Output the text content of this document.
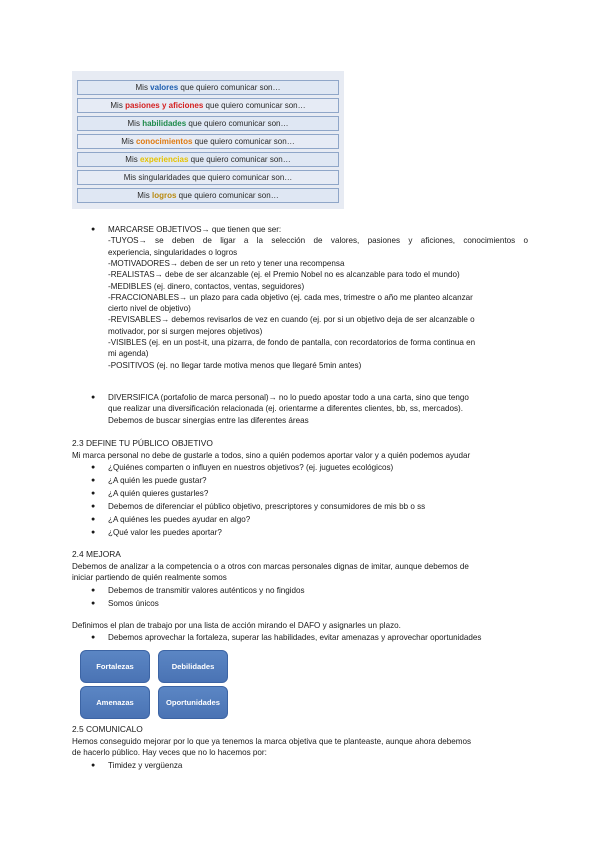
Mis valores que quiero comunicar son…
Mis pasiones y aficiones que quiero comunicar son…
Mis habilidades que quiero comunicar son…
Mis conocimientos que quiero comunicar son…
Mis experiencias que quiero comunicar son…
Mis singularidades que quiero comunicar son…
Mis logros que quiero comunicar son…
● MARCARSE OBJETIVOS→ que tienen que ser:
-TUYOS→ se deben de ligar a la selección de valores, pasiones y aficiones, conocimientos o
experiencia, singularidades o logros
-MOTIVADORES→ deben de ser un reto y tener una recompensa
-REALISTAS→ debe de ser alcanzable (ej. el Premio Nobel no es alcanzable para todo el mundo)
-MEDIBLES (ej. dinero, contactos, ventas, seguidores)
-FRACCIONABLES→ un plazo para cada objetivo (ej. cada mes, trimestre o año me planteo alcanzar
cierto nivel de objetivo)
-REVISABLES→ debemos revisarlos de vez en cuando (ej. por si un objetivo deja de ser alcanzable o
motivador, por si surgen mejores objetivos)
-VISIBLES (ej. en un post-it, una pizarra, de fondo de pantalla, con recordatorios de forma continua en
mi agenda)
-POSITIVOS (ej. no llegar tarde motiva menos que llegaré 5min antes)
● DIVERSIFICA (portafolio de marca personal)→ no lo puedo apostar todo a una carta, sino que tengo
que realizar una diversificación relacionada (ej. orientarme a diferentes clientes, bb, ss, mercados).
Debemos de buscar sinergias entre las diferentes áreas
2.3 DEFINE TU PÚBLICO OBJETIVO
Mi marca personal no debe de gustarle a todos, sino a quién podemos aportar valor y a quién podemos ayudar
● ¿Quiénes comparten o influyen en nuestros objetivos? (ej. juguetes ecológicos)
● ¿A quién les puede gustar?
● ¿A quién quieres gustarles?
● Debemos de diferenciar el público objetivo, prescriptores y consumidores de mis bb o ss
● ¿A quiénes les puedes ayudar en algo?
● ¿Qué valor les puedes aportar?
2.4 MEJORA
Debemos de analizar a la competencia o a otros con marcas personales dignas de imitar, aunque debemos de
iniciar partiendo de quién realmente somos
● Debemos de transmitir valores auténticos y no fingidos
● Somos únicos
Definimos el plan de trabajo por una lista de acción mirando el DAFO y asignarles un plazo.
● Debemos aprovechar la fortaleza, superar las habilidades, evitar amenazas y aprovechar oportunidades
Fortalezas	Debilidades
Amenazas	Oportunidades
2.5 COMUNICALO
Hemos conseguido mejorar por lo que ya tenemos la marca objetiva que te planteaste, aunque ahora debemos
de hacerlo público. Hay veces que no lo hacemos por:
● Timidez y vergüenza
